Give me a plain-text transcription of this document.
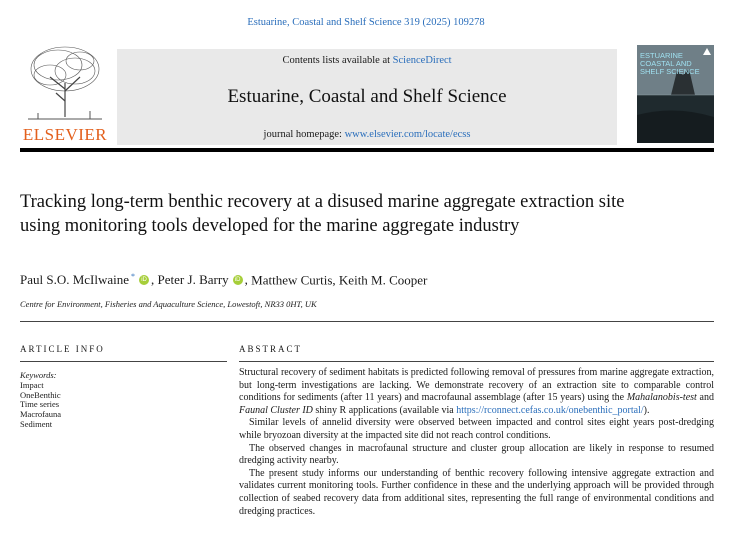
Estuarine, Coastal and Shelf Science 319 (2025) 109278
ELSEVIER
Contents lists available at ScienceDirect
Estuarine, Coastal and Shelf Science
journal homepage: www.elsevier.com/locate/ecss
ESTUARINE COASTAL AND SHELF SCIENCE
Tracking long-term benthic recovery at a disused marine aggregate extraction site using monitoring tools developed for the marine aggregate industry
Paul S.O. McIlwaine * iD , Peter J. Barry iD , Matthew Curtis, Keith M. Cooper
Centre for Environment, Fisheries and Aquaculture Science, Lowestoft, NR33 0HT, UK
ARTICLE INFO
Keywords:
Impact
OneBenthic
Time series
Macrofauna
Sediment
ABSTRACT

Structural recovery of sediment habitats is predicted following removal of pressures from marine aggregate extraction, but long-term investigations are lacking. We demonstrate recovery of an extraction site to comparable control conditions for sediments (after 11 years) and macrofaunal assemblage (after 15 years) using the Mahalanobis-test and Faunal Cluster ID shiny R applications (available via https://rconnect.cefas.co.uk/onebenthic_portal/).

Similar levels of annelid diversity were observed between impacted and control sites eight years post-dredging while bryozoan diversity at the impacted site did not reach control conditions.

The observed changes in macrofaunal structure and cluster group allocation are likely in response to resumed dredging activity nearby.

The present study informs our understanding of benthic recovery following intensive aggregate extraction and validates current monitoring tools. Further confidence in these and the underlying approach will be provided through collection of seabed recovery data from additional sites, representing the full range of environmental conditions and dredging practices.
